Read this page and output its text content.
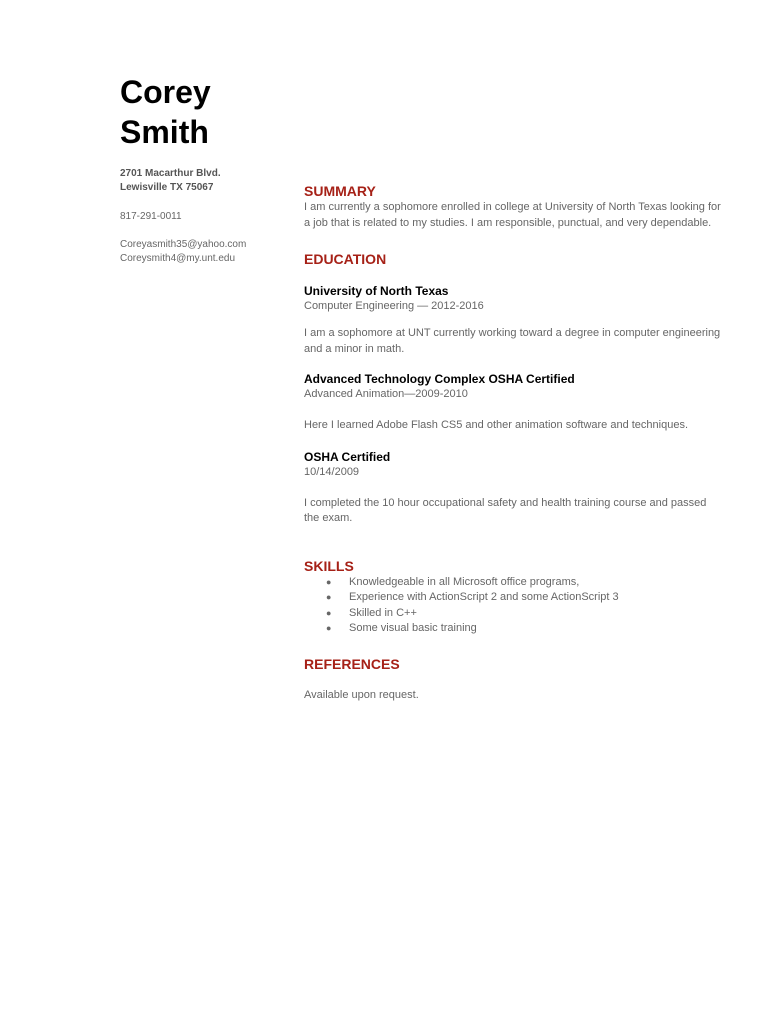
Corey
Smith
2701 Macarthur Blvd.
Lewisville TX 75067
817-291-0011
Coreyasmith35@yahoo.com
Coreysmith4@my.unt.edu
SUMMARY

I am currently a sophomore enrolled in college at University of North Texas looking for a job that is related to my studies. I am responsible, punctual, and very dependable.

EDUCATION
University of North Texas

Computer Engineering — 2012-2016

I am a sophomore at UNT currently working toward a degree in computer engineering and a minor in math.

Advanced Technology Complex OSHA Certified

Advanced Animation—2009-2010

Here I learned Adobe Flash CS5 and other animation software and techniques.

OSHA Certified

10/14/2009

I completed the 10 hour occupational safety and health training course and passed the exam.

SKILLS
● Knowledgeable in all Microsoft office programs,
● Experience with ActionScript 2 and some ActionScript 3
● Skilled in C++
● Some visual basic training
REFERENCES

Available upon request.
